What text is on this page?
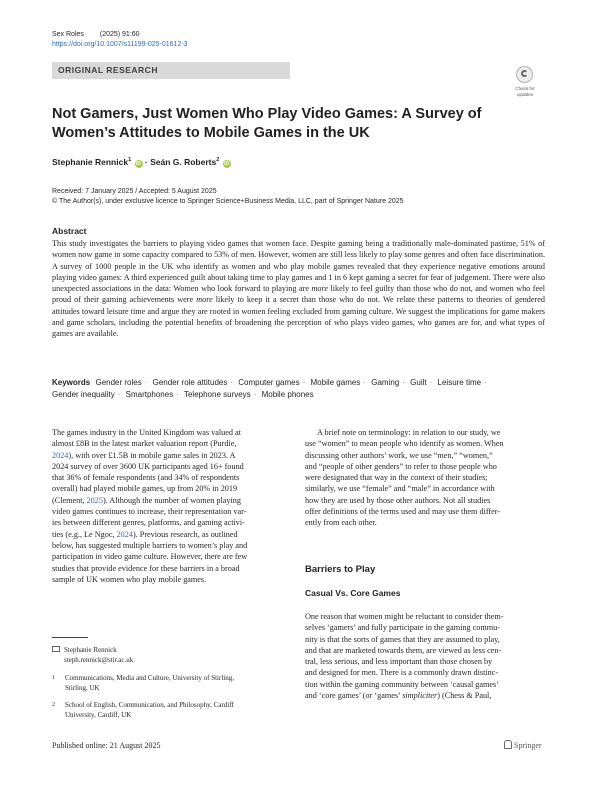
Sex Roles (2025) 91:60
https://doi.org/10.1007/s11199-025-01612-3
ORIGINAL RESEARCH
Check for
updates
Not Gamers, Just Women Who Play Video Games: A Survey of Women’s Attitudes to Mobile Games in the UK
Stephanie Rennick$^1$ iD · Seán G. Roberts$^2$ iD
Received: 7 January 2025 / Accepted: 5 August 2025
© The Author(s), under exclusive licence to Springer Science+Business Media, LLC, part of Springer Nature 2025
Abstract
This study investigates the barriers to playing video games that women face. Despite gaming being a traditionally male-dominated pastime, 51% of women now game in some capacity compared to 53% of men. However, women are still less likely to play some genres and often face discrimination. A survey of 1000 people in the UK who identify as women and who play mobile games revealed that they experience negative emotions around playing video games: A third experienced guilt about taking time to play games and 1 in 6 kept gaming a secret for fear of judgement. There were also unexpected associations in the data: Women who look forward to playing are more likely to feel guilty than those who do not, and women who feel proud of their gaming achievements were more likely to keep it a secret than those who do not. We relate these patterns to theories of gendered attitudes toward leisure time and argue they are rooted in women feeling excluded from gaming culture. We suggest the implications for game makers and game scholars, including the potential benefits of broadening the perception of who plays video games, who games are for, and what types of games are available.
Keywords Gender roles · Gender role attitudes · Computer games · Mobile games · Gaming · Guilt · Leisure time ·
Gender inequality · Smartphones · Telephone surveys · Mobile phones
The games industry in the United Kingdom was valued at
almost £8B in the latest market valuation report (Purdie,
2024), with over £1.5B in mobile game sales in 2023. A
2024 survey of over 3600 UK participants aged 16+ found
that 36% of female respondents (and 34% of respondents
overall) had played mobile games, up from 20% in 2019
(Clement, 2025). Although the number of women playing
video games continues to increase, their representation var-
ies between different genres, platforms, and gaming activi-
ties (e.g., Le Ngoc, 2024). Previous research, as outlined
below, has suggested multiple barriers to women’s play and
participation in video game culture. However, there are few
studies that provide evidence for these barriers in a broad
sample of UK women who play mobile games.
A brief note on terminology: in relation to our study, we
use “women” to mean people who identify as women. When
discussing other authors’ work, we use “men,” “women,”
and “people of other genders” to refer to those people who
were designated that way in the context of their studies;
similarly, we use “female” and “male” in accordance with
how they are used by those other authors. Not all studies
offer definitions of the terms used and may use them differ-
ently from each other.
Barriers to Play
Casual Vs. Core Games
One reason that women might be reluctant to consider them-
selves ‘gamers’ and fully participate in the gaming commu-
nity is that the sorts of games that they are assumed to play,
and that are marketed towards them, are viewed as less cen-
tral, less serious, and less important than those chosen by
and designed for men. There is a commonly drawn distinc-
tion within the gaming community between ‘causal games’
and ‘core games’ (or ‘games’ simpliciter) (Chess & Paul,
Stephanie Rennick
steph.rennick@stir.ac.uk
1 Communications, Media and Culture, University of Stirling,
Stirling, UK
2 School of English, Communication, and Philosophy, Cardiff
University, Cardiff, UK
Published online: 21 August 2025	Springer
